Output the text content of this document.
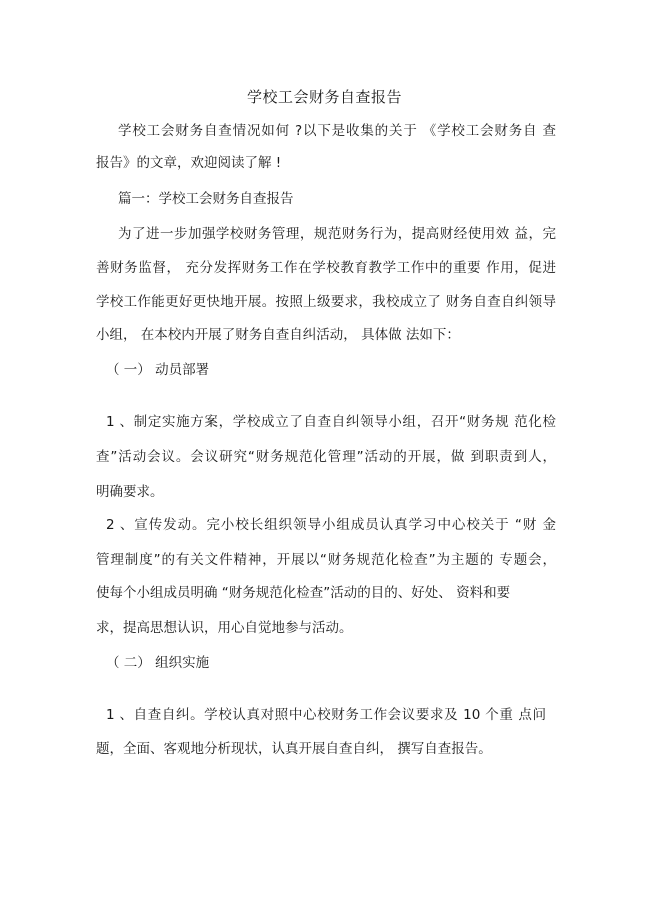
学校工会财务自查报告
学校工会财务自查情况如何 ?以下是收集的关于 《学校工会财务自 查
报告》的文章，欢迎阅读了解 !
篇一：学校工会财务自查报告
为了进一步加强学校财务管理，规范财务行为，提高财经使用效 益，完
善财务监督， 充分发挥财务工作在学校教育教学工作中的重要 作用，促进
学校工作能更好更快地开展。按照上级要求，我校成立了 财务自查自纠领导
小组， 在本校内开展了财务自查自纠活动， 具体做 法如下：
（ 一） 动员部署
1 、制定实施方案，学校成立了自查自纠领导小组，召开“财务规 范化检
查”活动会议。会议研究“财务规范化管理”活动的开展，做 到职责到人，
明确要求。
2 、宣传发动。完小校长组织领导小组成员认真学习中心校关于 “财 金
管理制度”的有关文件精神，开展以“财务规范化检查”为主题的 专题会，
使每个小组成员明确 “财务规范化检查”活动的目的、好处、 资料和要
求，提高思想认识，用心自觉地参与活动。
（ 二） 组织实施
1 、自查自纠。学校认真对照中心校财务工作会议要求及 10 个重 点问
题，全面、客观地分析现状，认真开展自查自纠， 撰写自查报告。
